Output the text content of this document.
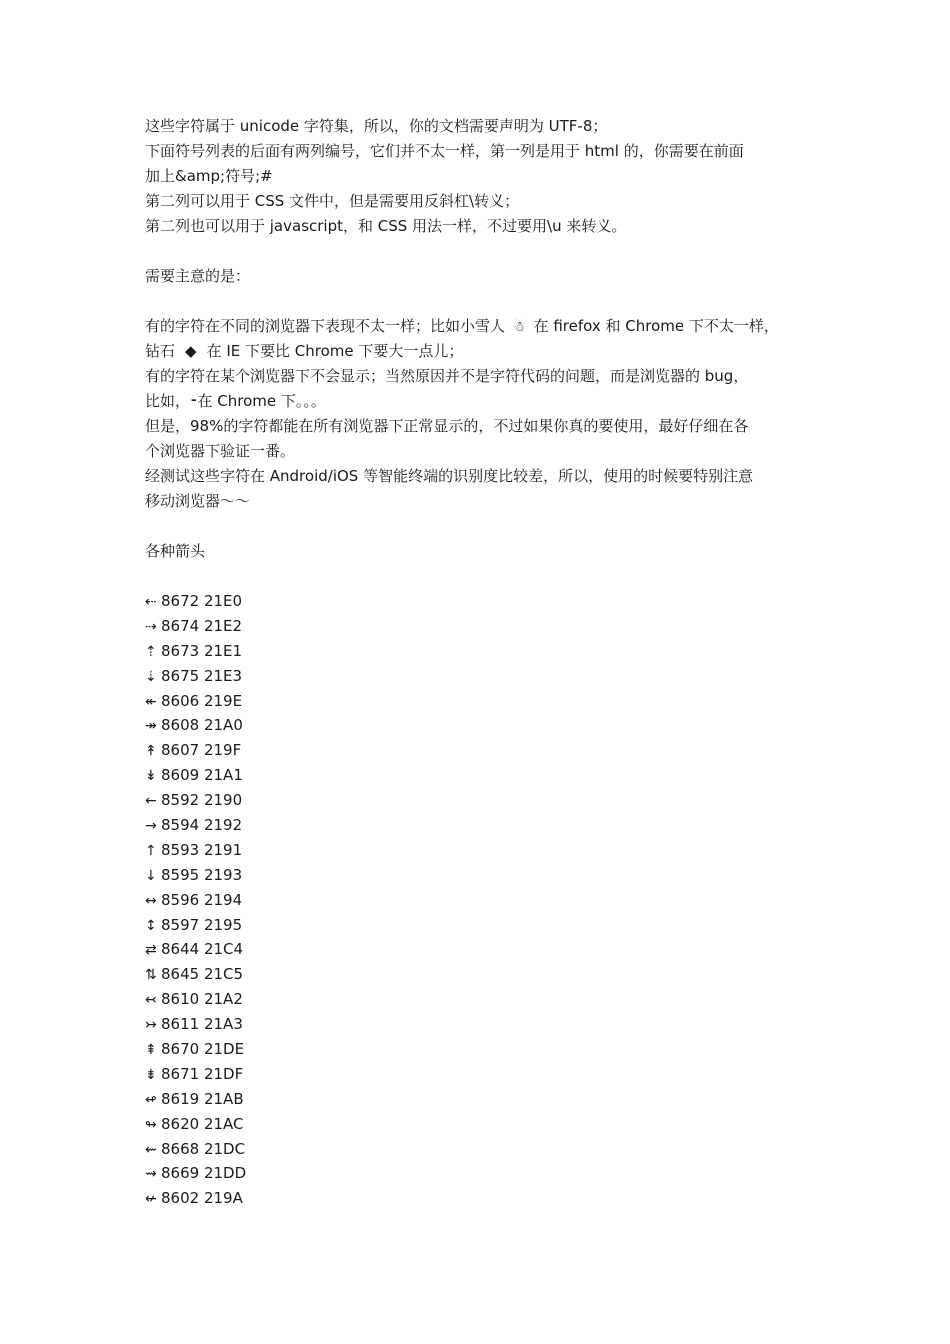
这些字符属于 unicode 字符集，所以，你的文档需要声明为 UTF-8；
下面符号列表的后面有两列编号，它们并不太一样，第一列是用于 html 的，你需要在前面
加上&amp;符号;#
第二列可以用于 CSS 文件中，但是需要用反斜杠\转义；
第二列也可以用于 javascript，和 CSS 用法一样，不过要用\u 来转义。
需要主意的是：
有的字符在不同的浏览器下表现不太一样；比如小雪人 ☃ 在 firefox 和 Chrome 下不太一样，
钻石 ◆ 在 IE 下要比 Chrome 下要大一点儿；
有的字符在某个浏览器下不会显示；当然原因并不是字符代码的问题，而是浏览器的 bug，
比如，⁃在 Chrome 下。。。
但是，98%的字符都能在所有浏览器下正常显示的，不过如果你真的要使用，最好仔细在各
个浏览器下验证一番。
经测试这些字符在 Android/iOS 等智能终端的识别度比较差，所以，使用的时候要特别注意
移动浏览器～～
各种箭头
⇠ 8672 21E0
⇢ 8674 21E2
⇡ 8673 21E1
⇣ 8675 21E3
↞ 8606 219E
↠ 8608 21A0
↟ 8607 219F
↡ 8609 21A1
← 8592 2190
→ 8594 2192
↑ 8593 2191
↓ 8595 2193
↔ 8596 2194
↕ 8597 2195
⇄ 8644 21C4
⇅ 8645 21C5
↢ 8610 21A2
↣ 8611 21A3
⇞ 8670 21DE
⇟ 8671 21DF
↫ 8619 21AB
↬ 8620 21AC
⇜ 8668 21DC
⇝ 8669 21DD
↚ 8602 219A
